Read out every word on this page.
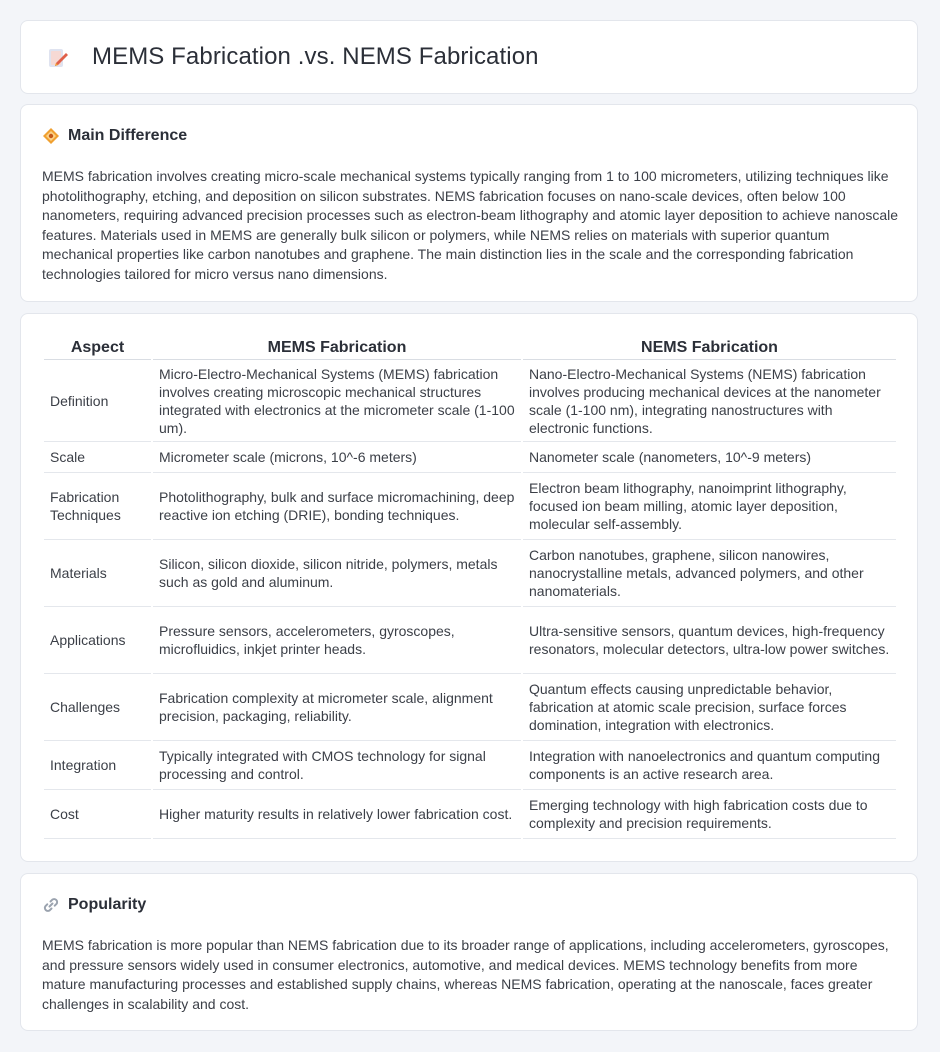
MEMS Fabrication .vs. NEMS Fabrication
Main Difference

MEMS fabrication involves creating micro-scale mechanical systems typically ranging from 1 to 100 micrometers, utilizing techniques like photolithography, etching, and deposition on silicon substrates. NEMS fabrication focuses on nano-scale devices, often below 100 nanometers, requiring advanced precision processes such as electron-beam lithography and atomic layer deposition to achieve nanoscale features. Materials used in MEMS are generally bulk silicon or polymers, while NEMS relies on materials with superior quantum mechanical properties like carbon nanotubes and graphene. The main distinction lies in the scale and the corresponding fabrication technologies tailored for micro versus nano dimensions.

Aspect	MEMS Fabrication	NEMS Fabrication
Definition	Micro-Electro-Mechanical Systems (MEMS) fabrication involves creating microscopic mechanical structures integrated with electronics at the micrometer scale (1-100 um).	Nano-Electro-Mechanical Systems (NEMS) fabrication involves producing mechanical devices at the nanometer scale (1-100 nm), integrating nanostructures with electronic functions.
Scale	Micrometer scale (microns, 10^-6 meters)	Nanometer scale (nanometers, 10^-9 meters)
Fabrication Techniques	Photolithography, bulk and surface micromachining, deep reactive ion etching (DRIE), bonding techniques.	Electron beam lithography, nanoimprint lithography, focused ion beam milling, atomic layer deposition, molecular self-assembly.
Materials	Silicon, silicon dioxide, silicon nitride, polymers, metals such as gold and aluminum.	Carbon nanotubes, graphene, silicon nanowires, nanocrystalline metals, advanced polymers, and other nanomaterials.
Applications	Pressure sensors, accelerometers, gyroscopes, microfluidics, inkjet printer heads.	Ultra-sensitive sensors, quantum devices, high-frequency resonators, molecular detectors, ultra-low power switches.
Challenges	Fabrication complexity at micrometer scale, alignment precision, packaging, reliability.	Quantum effects causing unpredictable behavior, fabrication at atomic scale precision, surface forces domination, integration with electronics.
Integration	Typically integrated with CMOS technology for signal processing and control.	Integration with nanoelectronics and quantum computing components is an active research area.
Cost	Higher maturity results in relatively lower fabrication cost.	Emerging technology with high fabrication costs due to complexity and precision requirements.
Popularity

MEMS fabrication is more popular than NEMS fabrication due to its broader range of applications, including accelerometers, gyroscopes, and pressure sensors widely used in consumer electronics, automotive, and medical devices. MEMS technology benefits from more mature manufacturing processes and established supply chains, whereas NEMS fabrication, operating at the nanoscale, faces greater challenges in scalability and cost.
